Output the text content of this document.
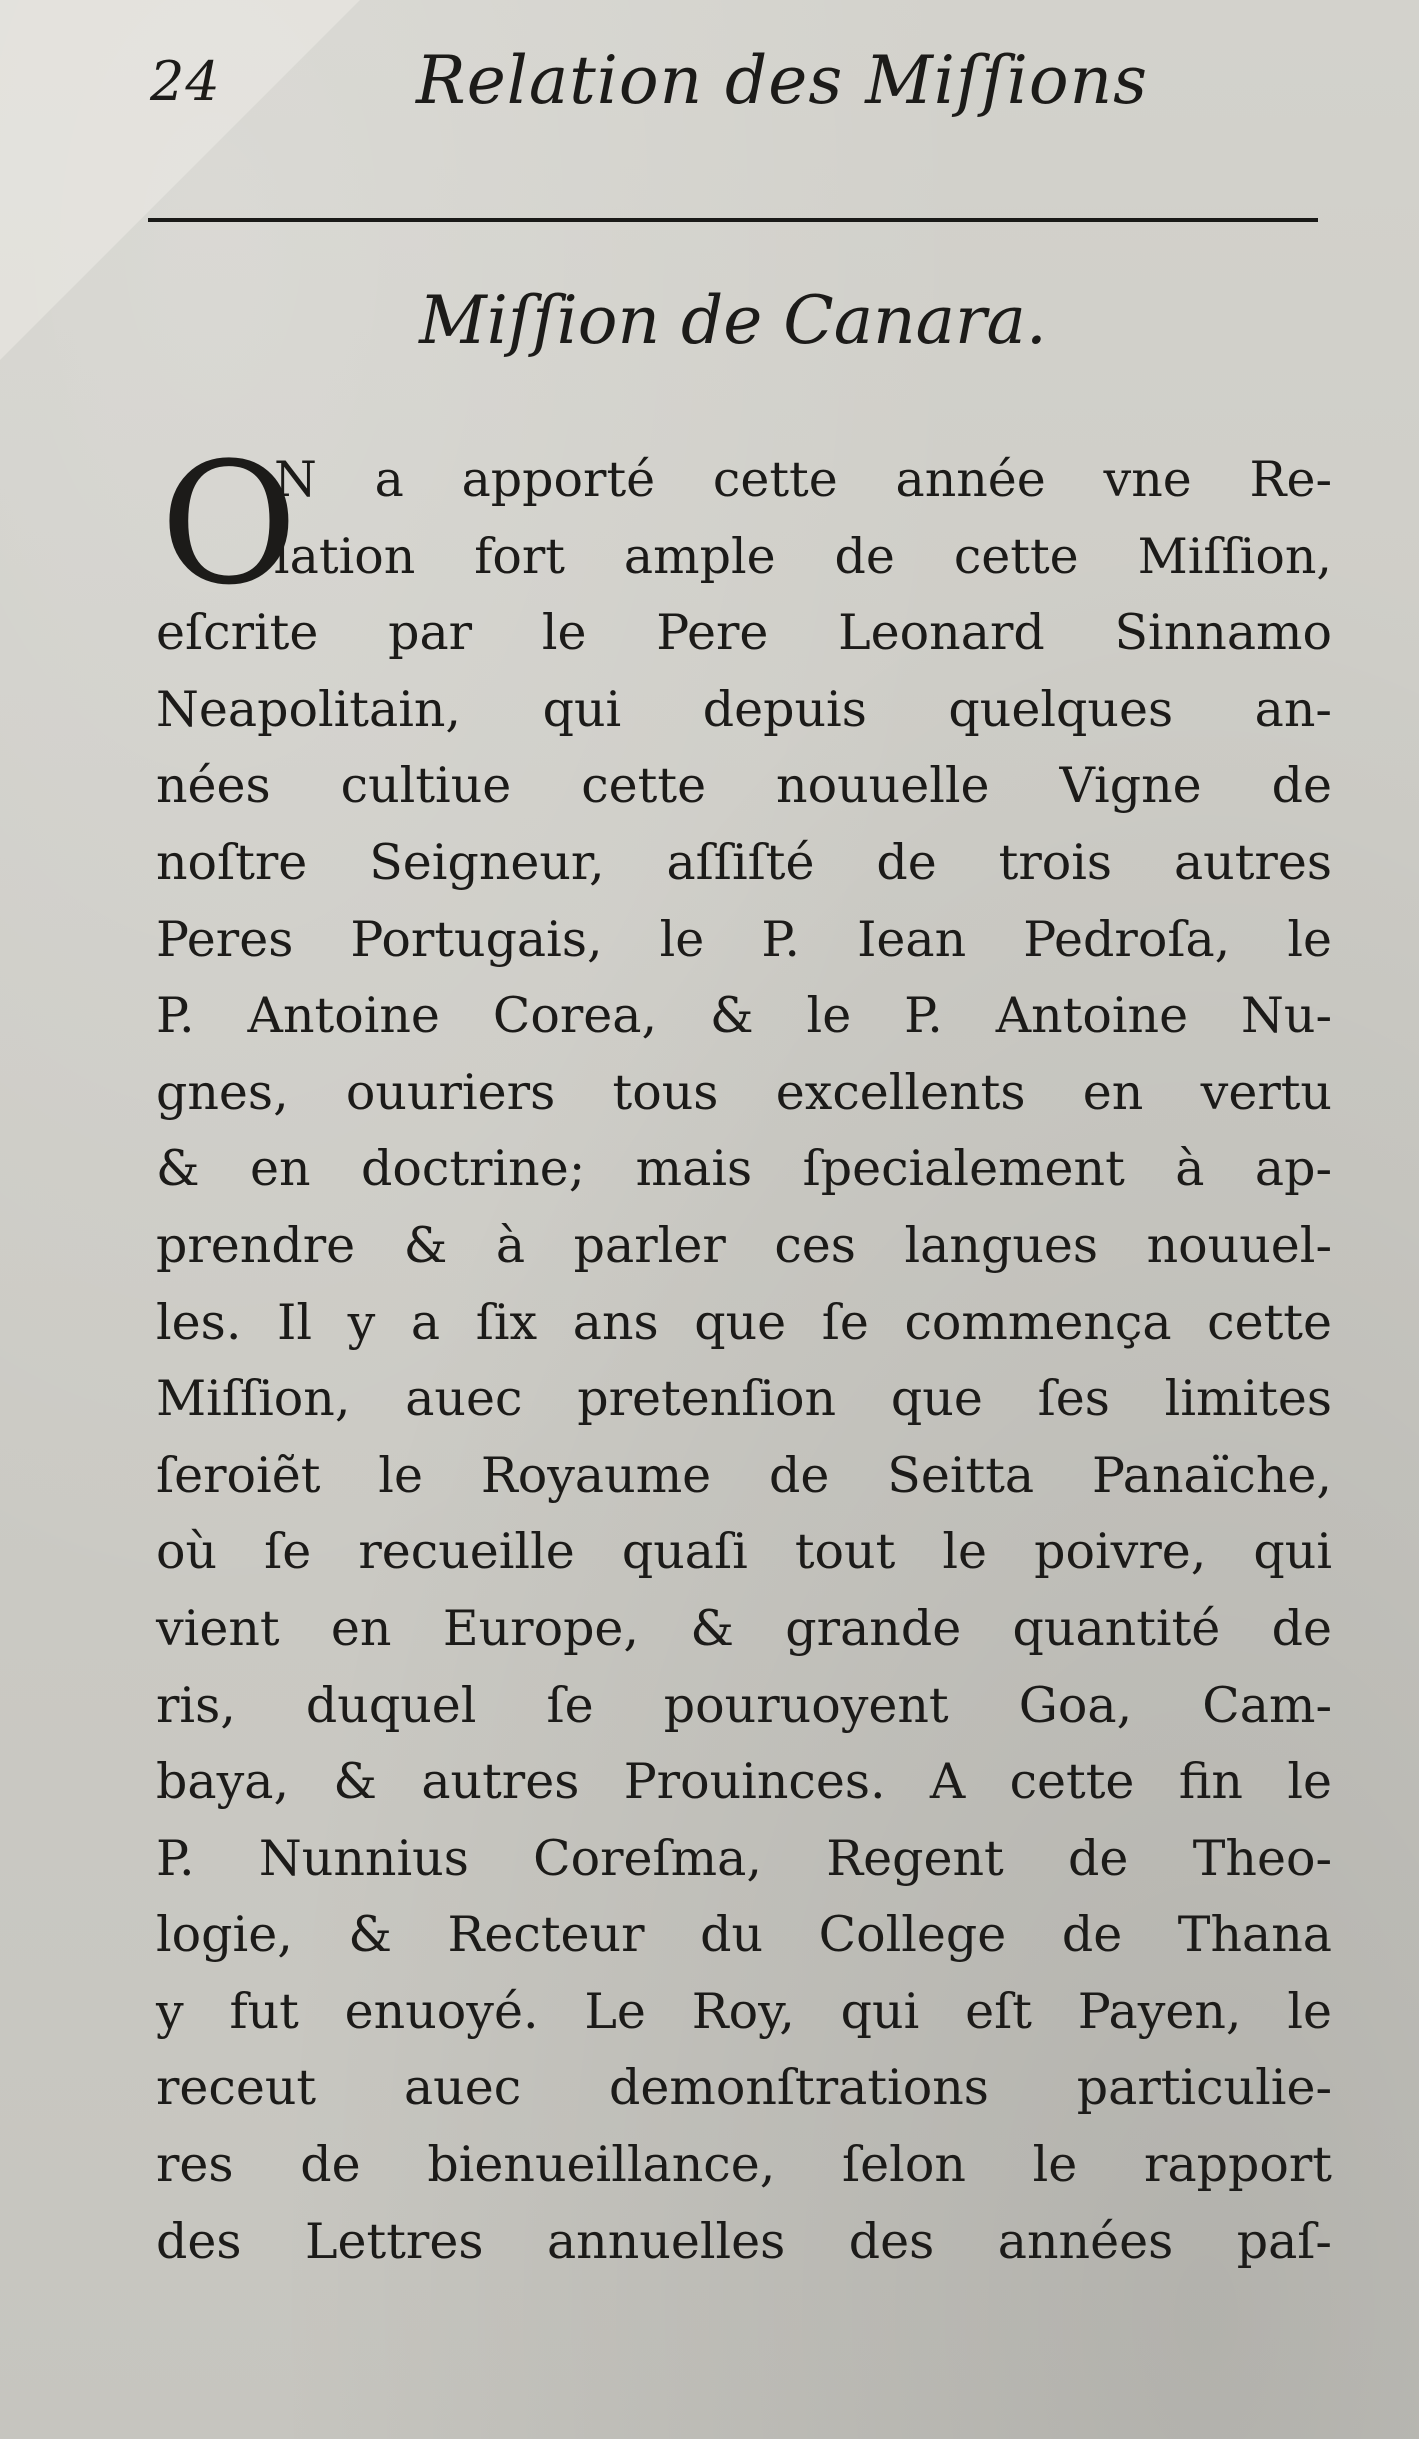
24	Relation des Miſſions
Miſſion de Canara.
O
N a apporté cette année vne Re-
lation fort ample de cette Miſſion,
eſcrite par le Pere Leonard Sinnamo
Neapolitain, qui depuis quelques an-
nées cultiue cette nouuelle Vigne de
noſtre Seigneur, aſſiſté de trois autres
Peres Portugais, le P. Iean Pedroſa, le
P. Antoine Corea, & le P. Antoine Nu-
gnes, ouuriers tous excellents en vertu
& en doctrine; mais ſpecialement à ap-
prendre & à parler ces langues nouuel-
les. Il y a ſix ans que ſe commença cette
Miſſion, auec pretenſion que ſes limites
ſeroiẽt le Royaume de Seitta Panaïche,
où ſe recueille quaſi tout le poivre, qui
vient en Europe, & grande quantité de
ris, duquel ſe pouruoyent Goa, Cam-
baya, & autres Prouinces. A cette fin le
P. Nunnius Coreſma, Regent de Theo-
logie, & Recteur du College de Thana
y fut enuoyé. Le Roy, qui eſt Payen, le
receut auec demonſtrations particulie-
res de bienueillance, ſelon le rapport
des Lettres annuelles des années paſ-
